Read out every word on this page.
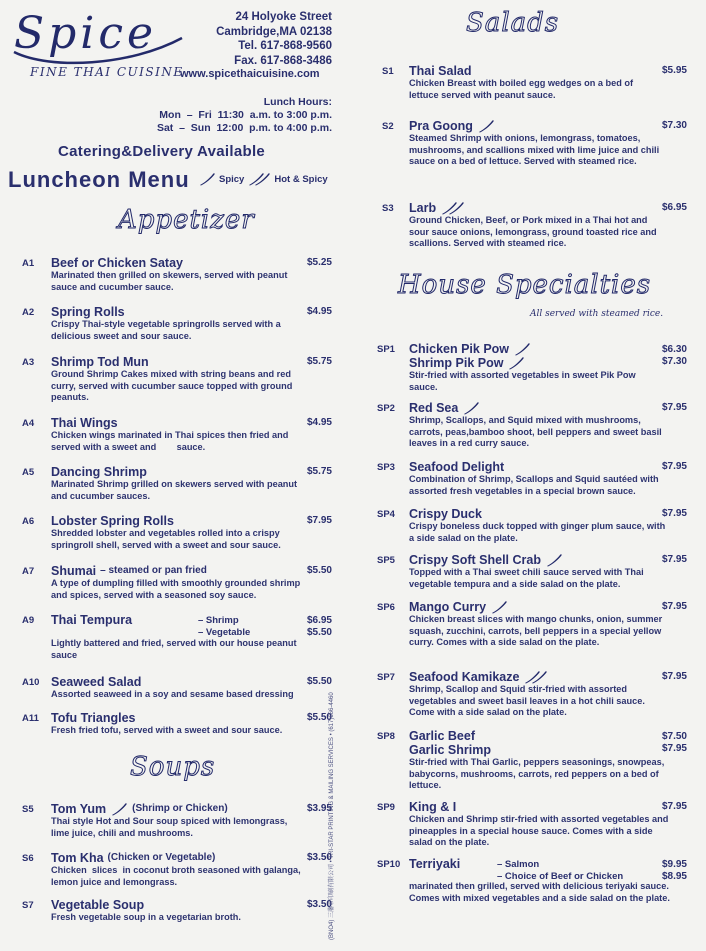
Spice
FINE THAI CUISINE
24 Holyoke Street
Cambridge,MA 02138
Tel. 617-868-9560
Fax. 617-868-3486
www.spicethaicuisine.com
Lunch Hours:
Mon  –  Fri  11:30  a.m. to 3:00 p.m.
Sat  –  Sun  12:00  p.m. to 4:00 p.m.
Catering&Delivery Available
Luncheon Menu	Spicy	Hot & Spicy
Appetizer
Soups
Salads
House Specialties
All served with steamed rice.
A1 Beef or Chicken Satay
Marinated then grilled on skewers, served with peanut sauce and cucumber sauce.
$5.25
A2 Spring Rolls
Crispy Thai-style vegetable springrolls served with a delicious sweet and sour sauce.
$4.95
A3 Shrimp Tod Mun
Ground Shrimp Cakes mixed with string beans and red curry, served with cucumber sauce topped with ground peanuts.
$5.75
A4 Thai Wings
Chicken wings marinated in Thai spices then fried and served with a sweet and        sauce.
$4.95
A5 Dancing Shrimp
Marinated Shrimp grilled on skewers served with peanut and cucumber sauces.
$5.75
A6 Lobster Spring Rolls
Shredded lobster and vegetables rolled into a crispy springroll shell, served with a sweet and sour sauce.
$7.95
A7 Shumai – steamed or pan fried
A type of dumpling filled with smoothly grounded shrimp and spices, served with a seasoned soy sauce.
$5.50
A9 Thai Tempura	– Shrimp
– Vegetable
$6.95
$5.50
Lightly battered and fried, served with our house peanut sauce
A10 Seaweed Salad
Assorted seaweed in a soy and sesame based dressing
$5.50
A11 Tofu Triangles
Fresh fried tofu, served with a sweet and sour sauce.
$5.50
S5 Tom Yum	(Shrimp or Chicken)
Thai style Hot and Sour soup spiced with lemongrass, lime juice, chili and mushrooms.
$3.95
S6 Tom Kha (Chicken or Vegetable)
Chicken  slices  in coconut broth seasoned with galanga, lemon juice and lemongrass.
$3.50
S7 Vegetable Soup
Fresh vegetable soup in a vegetarian broth.
$3.50
(BNO4) 三藩市印刷有限公司 • TRI-STAR PRINTING & MAILING SERVICES • (617)666-4460
S1 Thai Salad
Chicken Breast with boiled egg wedges on a bed of lettuce served with peanut sauce.
$5.95
S2 Pra Goong
Steamed Shrimp with onions, lemongrass, tomatoes, mushrooms, and scallions mixed with lime juice and chili sauce on a bed of lettuce. Served with steamed rice.
$7.30
S3 Larb
Ground Chicken, Beef, or Pork mixed in a Thai hot and sour sauce onions, lemongrass, ground toasted rice and scallions. Served with steamed rice.
$6.95
SP1 Chicken Pik Pow
Shrimp Pik Pow
Stir-fried with assorted vegetables in sweet Pik Pow sauce.
$6.30
$7.30
SP2 Red Sea
Shrimp, Scallops, and Squid mixed with mushrooms, carrots, peas,bamboo shoot, bell peppers and sweet basil leaves in a red curry sauce.
$7.95
SP3 Seafood Delight
Combination of Shrimp, Scallops and Squid sautéed with assorted fresh vegetables in a special brown sauce.
$7.95
SP4 Crispy Duck
Crispy boneless duck topped with ginger plum sauce, with a side salad on the plate.
$7.95
SP5 Crispy Soft Shell Crab
Topped with a Thai sweet chili sauce served with Thai vegetable tempura and a side salad on the plate.
$7.95
SP6 Mango Curry
Chicken breast slices with mango chunks, onion, summer squash, zucchini, carrots, bell peppers in a special yellow curry. Comes with a side salad on the plate.
$7.95
SP7 Seafood Kamikaze
Shrimp, Scallop and Squid stir-fried with assorted vegetables and sweet basil leaves in a hot chili sauce. Come with a side salad on the plate.
$7.95
SP8 Garlic Beef
Garlic Shrimp
Stir-fried with Thai Garlic, peppers seasonings, snowpeas, babycorns, mushrooms, carrots, red peppers on a bed of lettuce.
$7.50
$7.95
SP9 King & I
Chicken and Shrimp stir-fried with assorted vegetables and pineapples in a special house sauce. Comes with a side salad on the plate.
$7.95
SP10 Terriyaki	– Salmon
– Choice of Beef or Chicken
$9.95
$8.95
marinated then grilled, served with delicious teriyaki sauce. Comes with mixed vegetables and a side salad on the plate.
